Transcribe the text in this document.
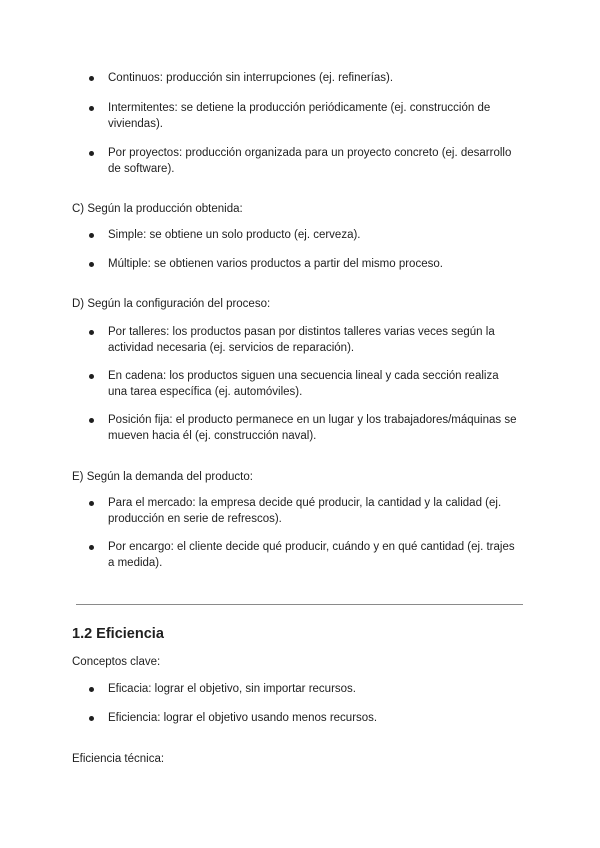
Continuos: producción sin interrupciones (ej. refinerías).
Intermitentes: se detiene la producción periódicamente (ej. construcción de viviendas).
Por proyectos: producción organizada para un proyecto concreto (ej. desarrollo de software).
C) Según la producción obtenida:
Simple: se obtiene un solo producto (ej. cerveza).
Múltiple: se obtienen varios productos a partir del mismo proceso.
D) Según la configuración del proceso:
Por talleres: los productos pasan por distintos talleres varias veces según la actividad necesaria (ej. servicios de reparación).
En cadena: los productos siguen una secuencia lineal y cada sección realiza una tarea específica (ej. automóviles).
Posición fija: el producto permanece en un lugar y los trabajadores/máquinas se mueven hacia él (ej. construcción naval).
E) Según la demanda del producto:
Para el mercado: la empresa decide qué producir, la cantidad y la calidad (ej. producción en serie de refrescos).
Por encargo: el cliente decide qué producir, cuándo y en qué cantidad (ej. trajes a medida).
1.2 Eficiencia
Conceptos clave:
Eficacia: lograr el objetivo, sin importar recursos.
Eficiencia: lograr el objetivo usando menos recursos.
Eficiencia técnica:
